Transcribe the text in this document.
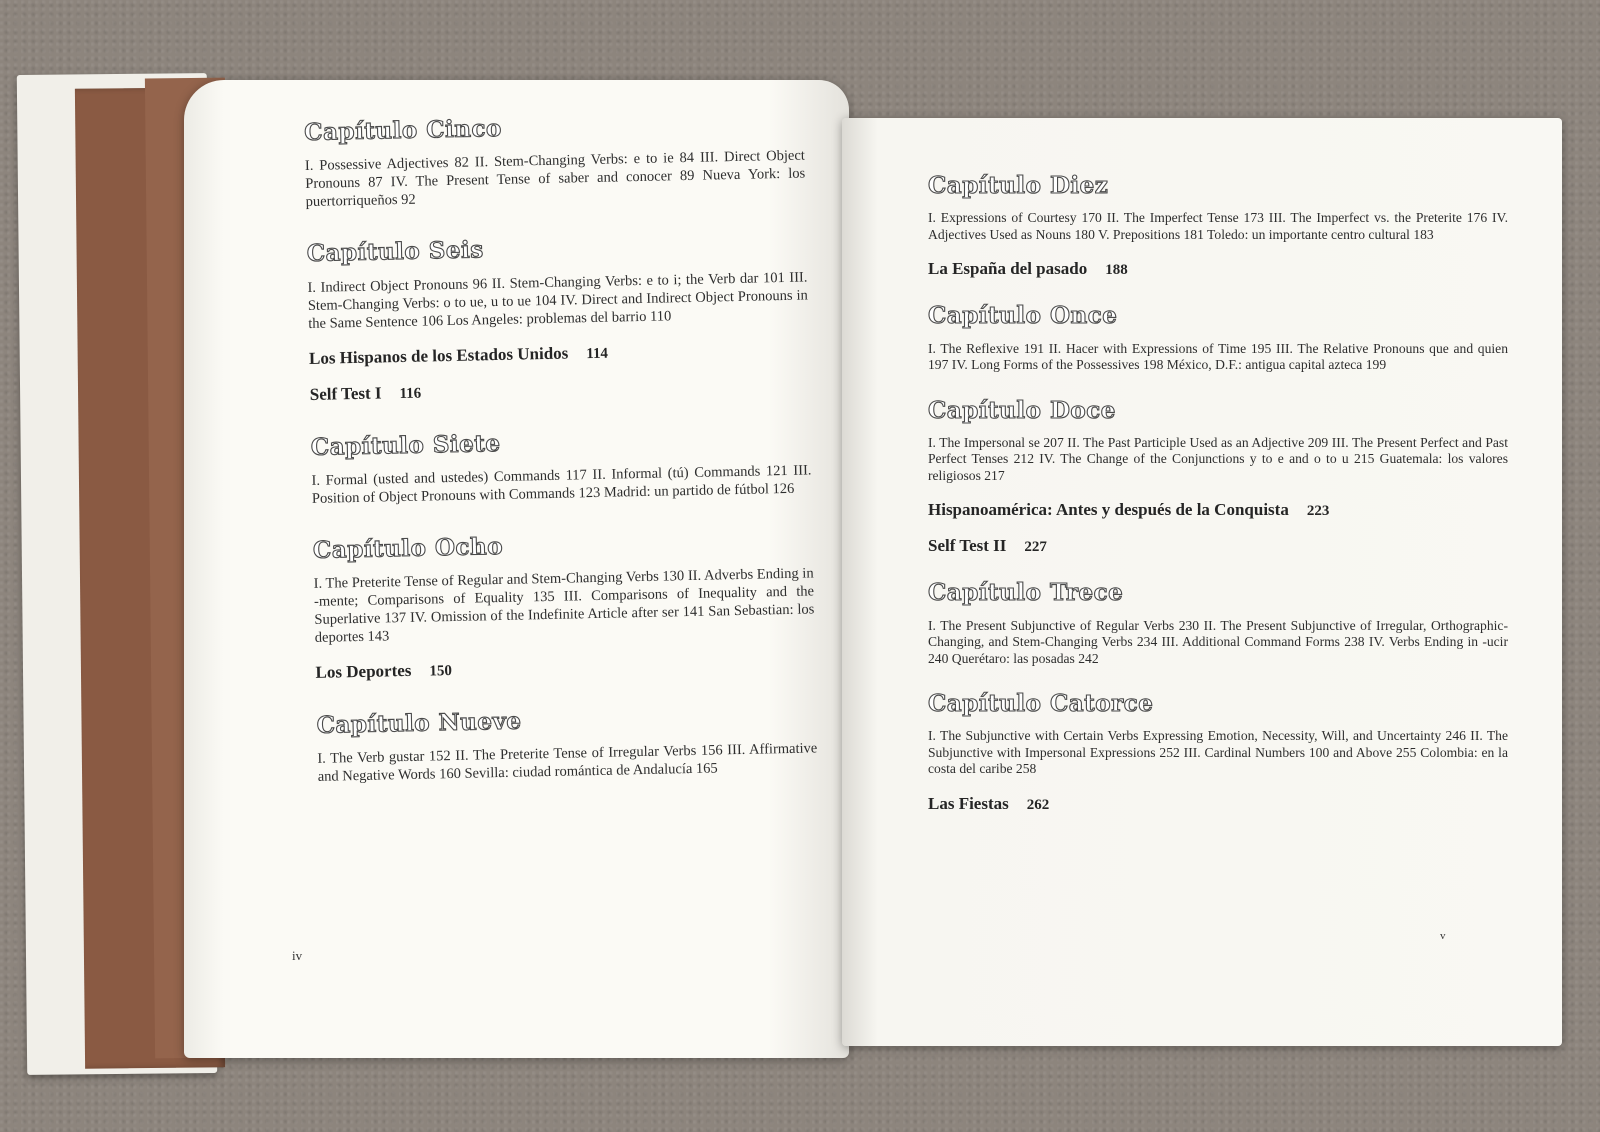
Capítulo Cinco
I. Possessive Adjectives 82 II. Stem-Changing Verbs: e to ie 84 III. Direct Object Pronouns 87 IV. The Present Tense of saber and conocer 89 Nueva York: los puertorriqueños 92
Capítulo Seis
I. Indirect Object Pronouns 96 II. Stem-Changing Verbs: e to i; the Verb dar 101 III. Stem-Changing Verbs: o to ue, u to ue 104 IV. Direct and Indirect Object Pronouns in the Same Sentence 106 Los Angeles: problemas del barrio 110
Los Hispanos de los Estados Unidos 114
Self Test I 116
Capítulo Siete
I. Formal (usted and ustedes) Commands 117 II. Informal (tú) Commands 121 III. Position of Object Pronouns with Commands 123 Madrid: un partido de fútbol 126
Capítulo Ocho
I. The Preterite Tense of Regular and Stem-Changing Verbs 130 II. Adverbs Ending in -mente; Comparisons of Equality 135 III. Comparisons of Inequality and the Superlative 137 IV. Omission of the Indefinite Article after ser 141 San Sebastian: los deportes 143
Los Deportes 150
Capítulo Nueve
I. The Verb gustar 152 II. The Preterite Tense of Irregular Verbs 156 III. Affirmative and Negative Words 160 Sevilla: ciudad romántica de Andalucía 165
iv
Capítulo Diez
I. Expressions of Courtesy 170 II. The Imperfect Tense 173 III. The Imperfect vs. the Preterite 176 IV. Adjectives Used as Nouns 180 V. Prepositions 181 Toledo: un importante centro cultural 183
La España del pasado 188
Capítulo Once
I. The Reflexive 191 II. Hacer with Expressions of Time 195 III. The Relative Pronouns que and quien 197 IV. Long Forms of the Possessives 198 México, D.F.: antigua capital azteca 199
Capítulo Doce
I. The Impersonal se 207 II. The Past Participle Used as an Adjective 209 III. The Present Perfect and Past Perfect Tenses 212 IV. The Change of the Conjunctions y to e and o to u 215 Guatemala: los valores religiosos 217
Hispanoamérica: Antes y después de la Conquista 223
Self Test II 227
Capítulo Trece
I. The Present Subjunctive of Regular Verbs 230 II. The Present Subjunctive of Irregular, Orthographic-Changing, and Stem-Changing Verbs 234 III. Additional Command Forms 238 IV. Verbs Ending in -ucir 240 Querétaro: las posadas 242
Capítulo Catorce
I. The Subjunctive with Certain Verbs Expressing Emotion, Necessity, Will, and Uncertainty 246 II. The Subjunctive with Impersonal Expressions 252 III. Cardinal Numbers 100 and Above 255 Colombia: en la costa del caribe 258
Las Fiestas 262
v
